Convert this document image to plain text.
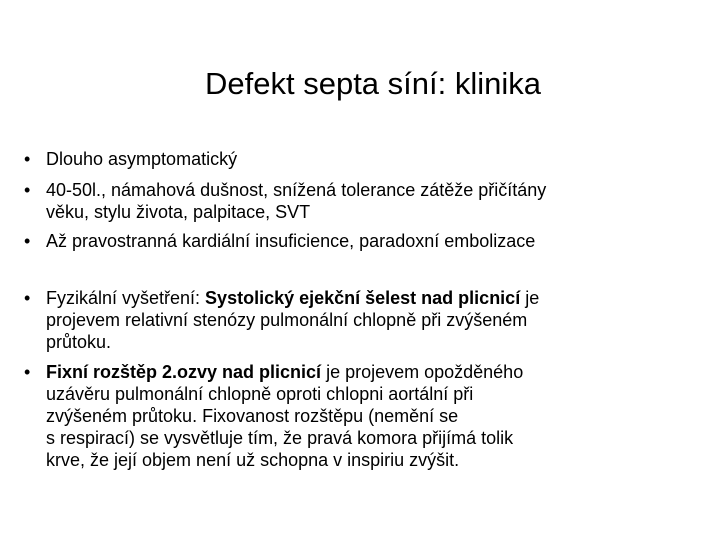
Defekt septa síní: klinika
• Dlouho asymptomatický
• 40-50l., námahová dušnost, snížená tolerance zátěže přičítány
věku, stylu života, palpitace, SVT
• Až pravostranná kardiální insuficience, paradoxní embolizace
• Fyzikální vyšetření: Systolický ejekční šelest nad plicnicí je
projevem relativní stenózy pulmonální chlopně při zvýšeném
průtoku.
• Fixní rozštěp 2.ozvy nad plicnicí je projevem opožděného
uzávěru pulmonální chlopně oproti chlopni aortální při
zvýšeném průtoku. Fixovanost rozštěpu (nemění se
s respirací) se vysvětluje tím, že pravá komora přijímá tolik
krve, že její objem není už schopna v inspiriu zvýšit.
